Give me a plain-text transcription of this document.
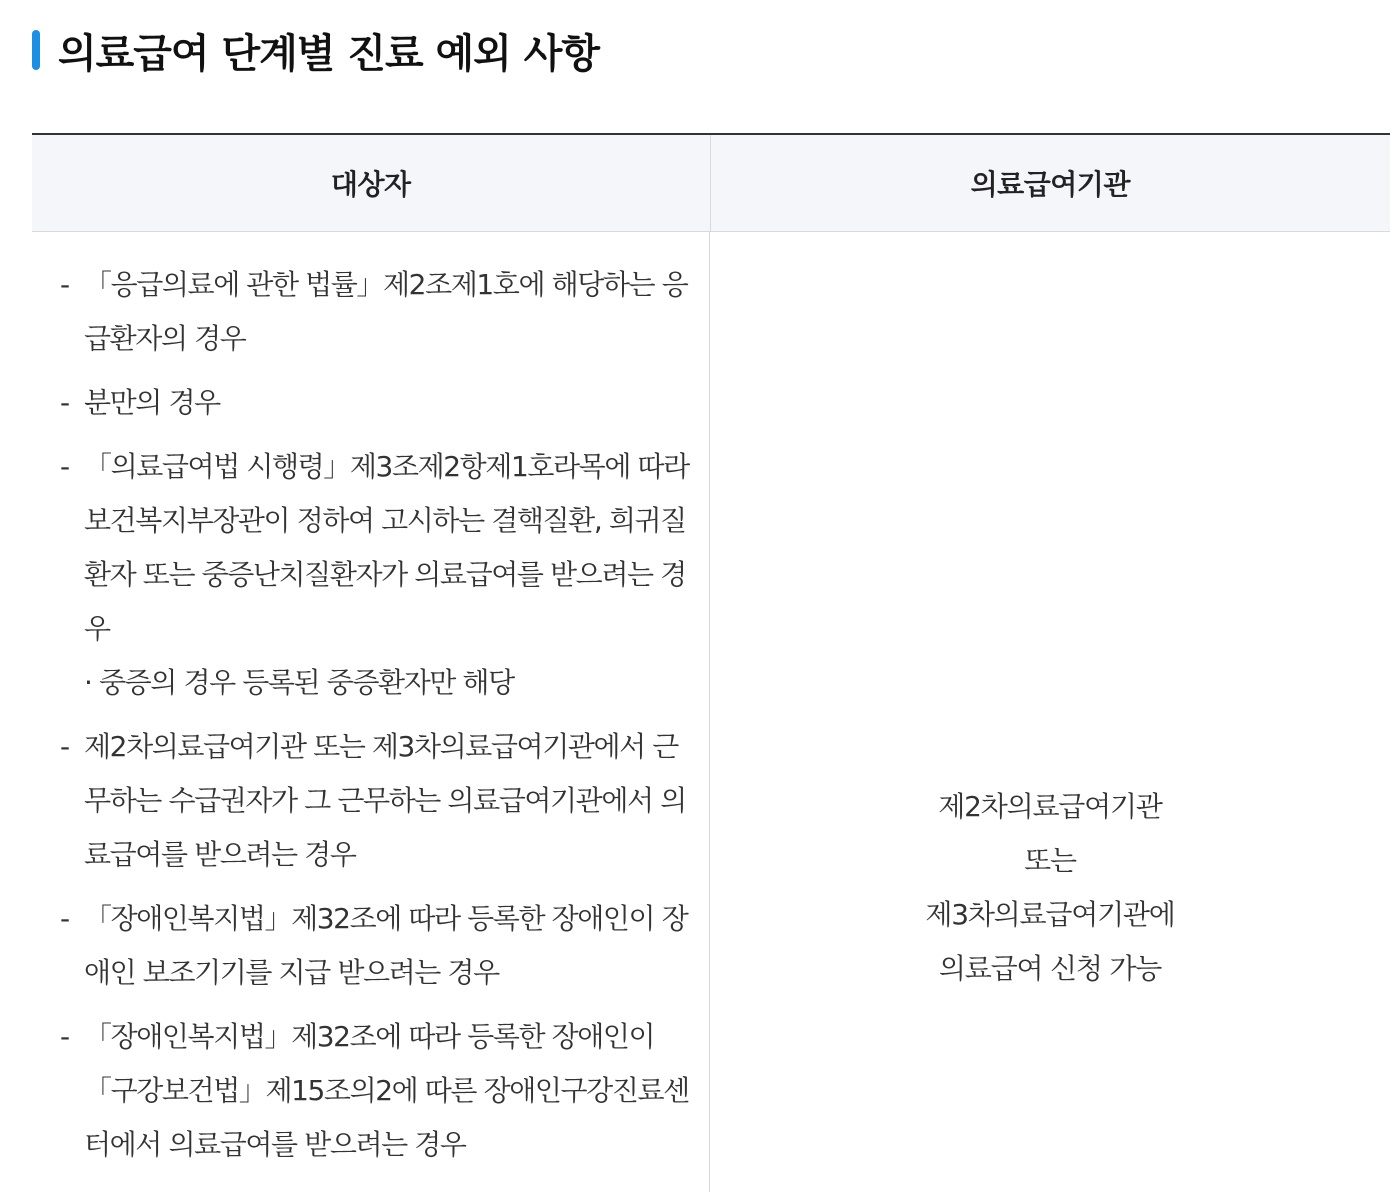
의료급여 단계별 진료 예외 사항
대상자	의료급여기관
- 「응급의료에 관한 법률」제2조제1호에 해당하는 응급환자의 경우
- 분만의 경우
- 「의료급여법 시행령」제3조제2항제1호라목에 따라 보건복지부장관이 정하여 고시하는 결핵질환, 희귀질환자 또는 중증난치질환자가 의료급여를 받으려는 경우
· 중증의 경우 등록된 중증환자만 해당
- 제2차의료급여기관 또는 제3차의료급여기관에서 근무하는 수급권자가 그 근무하는 의료급여기관에서 의료급여를 받으려는 경우
- 「장애인복지법」제32조에 따라 등록한 장애인이 장애인 보조기기를 지급 받으려는 경우
- 「장애인복지법」제32조에 따라 등록한 장애인이 「구강보건법」제15조의2에 따른 장애인구강진료센터에서 의료급여를 받으려는 경우
제2차의료급여기관
또는
제3차의료급여기관에
의료급여 신청 가능
